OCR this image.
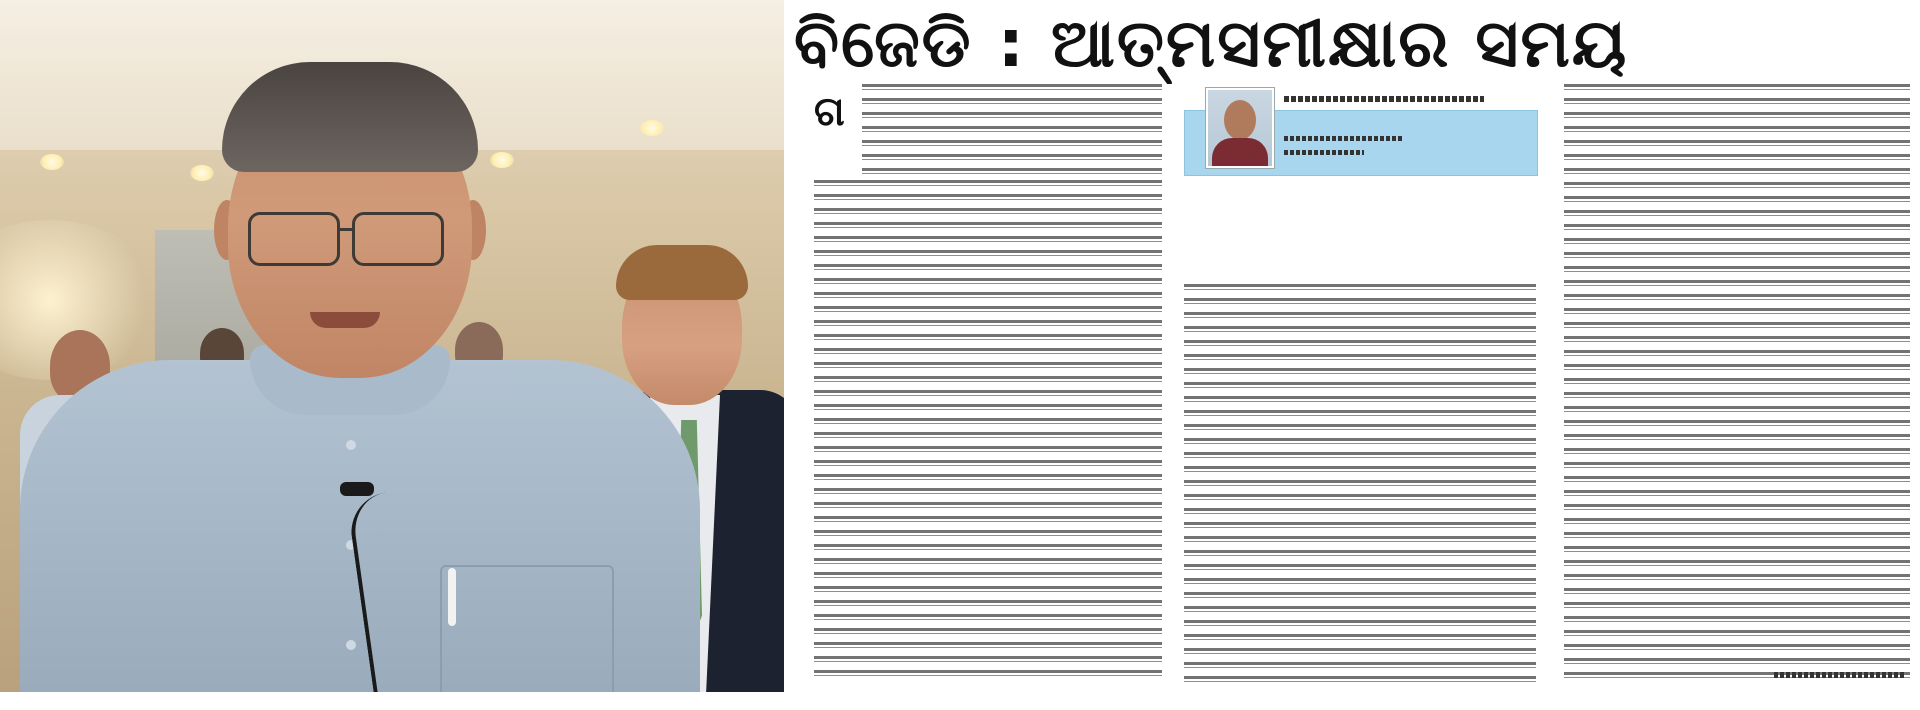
ବିଜେଡି : ଆତ୍ମସମୀକ୍ଷାର ସମୟ
ଗ
